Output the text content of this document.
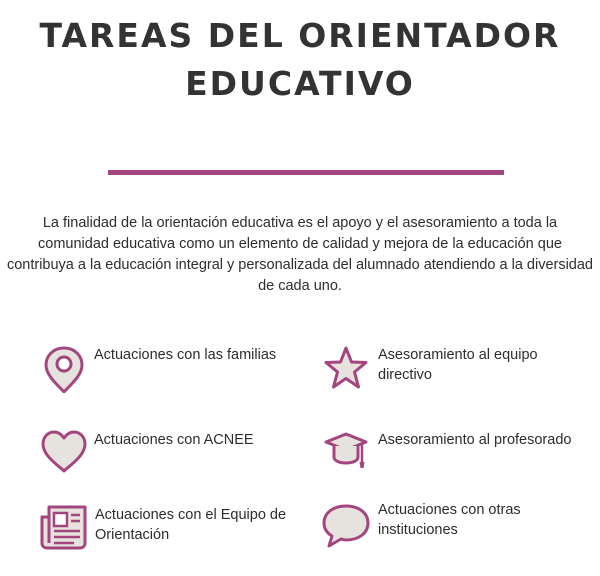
TAREAS DEL ORIENTADOR
EDUCATIVO

La finalidad de la orientación educativa es el apoyo y el asesoramiento a toda la comunidad educativa como un elemento de calidad y mejora de la educación que contribuya a la educación integral y personalizada del alumnado atendiendo a la diversidad de cada uno.

Actuaciones con las familias	Asesoramiento al equipo directivo
Actuaciones con ACNEE	Asesoramiento al profesorado
Actuaciones con el Equipo de Orientación
Actuaciones con otras instituciones
